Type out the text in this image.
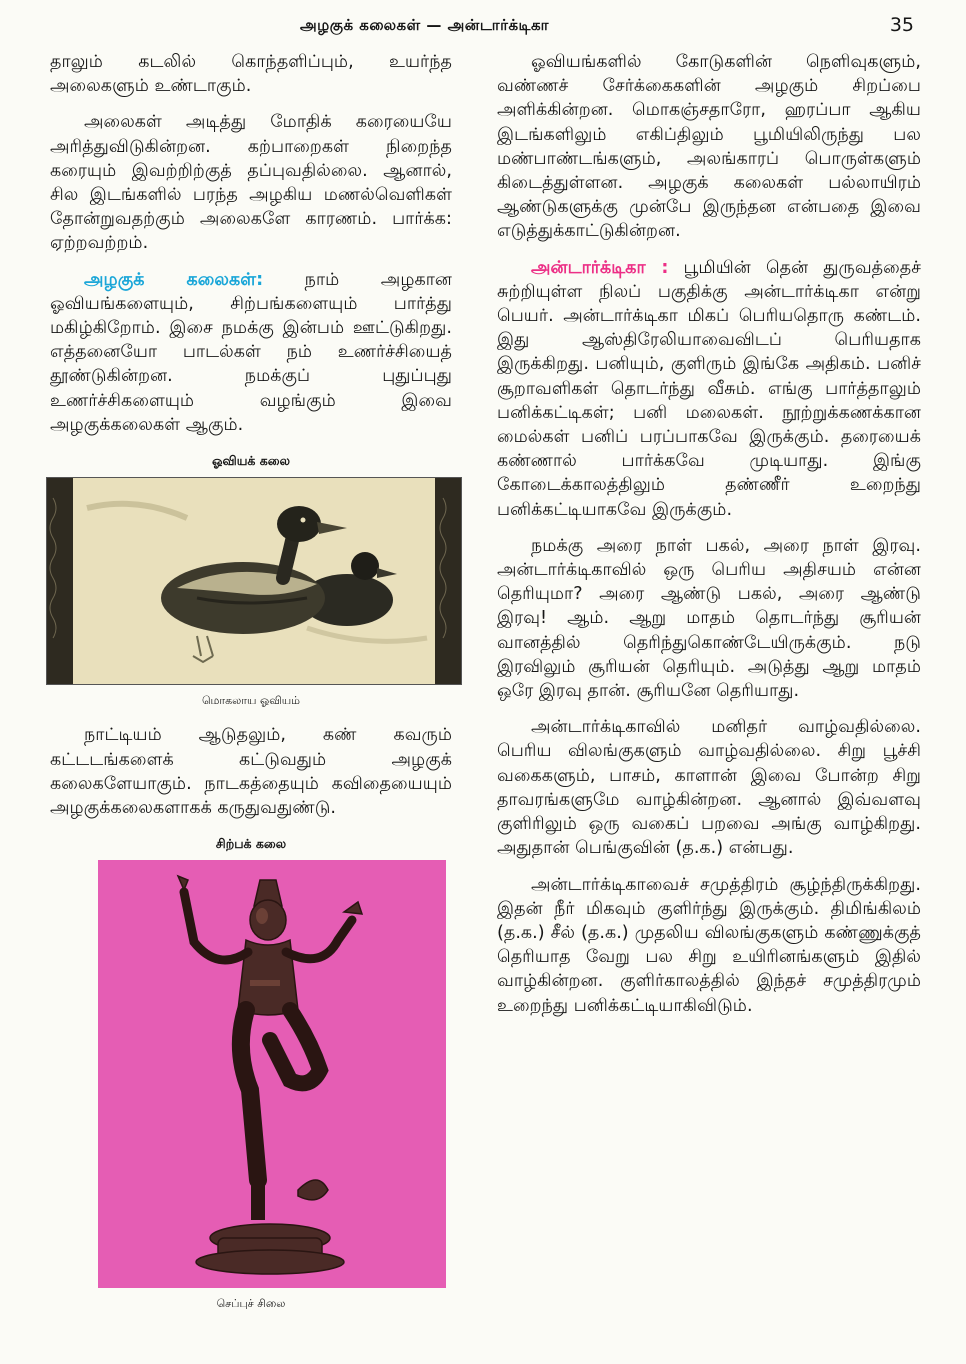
அழகுக் கலைகள் — அன்டார்க்டிகா	35

தாலும் கடலில் கொந்தளிப்பும், உயர்ந்த அலைகளும் உண்டாகும்.

அலைகள் அடித்து மோதிக் கரையையே அரித்துவிடுகின்றன. கற்பாறைகள் நிறைந்த கரையும் இவற்றிற்குத் தப்புவதில்லை. ஆனால், சில இடங்களில் பரந்த அழகிய மணல்வெளிகள் தோன்றுவதற்கும் அலைகளே காரணம். பார்க்க: ஏற்றவற்றம்.

அழகுக் கலைகள்: நாம் அழகான ஓவியங்களையும், சிற்பங்களையும் பார்த்து மகிழ்கிறோம். இசை நமக்கு இன்பம் ஊட்டுகிறது. எத்தனையோ பாடல்கள் நம் உணர்ச்சியைத் தூண்டுகின்றன. நமக்குப் புதுப்புது உணர்ச்சிகளையும் வழங்கும் இவை அழகுக்கலைகள் ஆகும்.

ஓவியக் கலை
மொகலாய ஓவியம்

நாட்டியம் ஆடுதலும், கண் கவரும் கட்டடங்களைக் கட்டுவதும் அழகுக் கலைகளேயாகும். நாடகத்தையும் கவிதையையும் அழகுக்கலைகளாகக் கருதுவதுண்டு.

சிற்பக் கலை
செப்புச் சிலை

ஓவியங்களில் கோடுகளின் நெளிவுகளும், வண்ணச் சேர்க்கைகளின் அழகும் சிறப்பை அளிக்கின்றன. மொகஞ்சதாரோ, ஹரப்பா ஆகிய இடங்களிலும் எகிப்திலும் பூமியிலிருந்து பல மண்பாண்டங்களும், அலங்காரப் பொருள்களும் கிடைத்துள்ளன. அழகுக் கலைகள் பல்லாயிரம் ஆண்டுகளுக்கு முன்பே இருந்தன என்பதை இவை எடுத்துக்காட்டுகின்றன.

அன்டார்க்டிகா : பூமியின் தென் துருவத்தைச் சுற்றியுள்ள நிலப் பகுதிக்கு அன்டார்க்டிகா என்று பெயர். அன்டார்க்டிகா மிகப் பெரியதொரு கண்டம். இது ஆஸ்திரேலியாவைவிடப் பெரியதாக இருக்கிறது. பனியும், குளிரும் இங்கே அதிகம். பனிச் சூறாவளிகள் தொடர்ந்து வீசும். எங்கு பார்த்தாலும் பனிக்கட்டிகள்; பனி மலைகள். நூற்றுக்கணக்கான மைல்கள் பனிப் பரப்பாகவே இருக்கும். தரையைக் கண்ணால் பார்க்கவே முடியாது. இங்கு கோடைக்காலத்திலும் தண்ணீர் உறைந்து பனிக்கட்டியாகவே இருக்கும்.

நமக்கு அரை நாள் பகல், அரை நாள் இரவு. அன்டார்க்டிகாவில் ஒரு பெரிய அதிசயம் என்ன தெரியுமா? அரை ஆண்டு பகல், அரை ஆண்டு இரவு! ஆம். ஆறு மாதம் தொடர்ந்து சூரியன் வானத்தில் தெரிந்துகொண்டேயிருக்கும். நடு இரவிலும் சூரியன் தெரியும். அடுத்து ஆறு மாதம் ஒரே இரவு தான். சூரியனே தெரியாது.

அன்டார்க்டிகாவில் மனிதர் வாழ்வதில்லை. பெரிய விலங்குகளும் வாழ்வதில்லை. சிறு பூச்சி வகைகளும், பாசம், காளான் இவை போன்ற சிறு தாவரங்களுமே வாழ்கின்றன. ஆனால் இவ்வளவு குளிரிலும் ஒரு வகைப் பறவை அங்கு வாழ்கிறது. அதுதான் பெங்குவின் (த.க.) என்பது.

அன்டார்க்டிகாவைச் சமுத்திரம் சூழ்ந்திருக்கிறது. இதன் நீர் மிகவும் குளிர்ந்து இருக்கும். திமிங்கிலம் (த.க.) சீல் (த.க.) முதலிய விலங்குகளும் கண்ணுக்குத் தெரியாத வேறு பல சிறு உயிரினங்களும் இதில் வாழ்கின்றன. குளிர்காலத்தில் இந்தச் சமுத்திரமும் உறைந்து பனிக்கட்டியாகிவிடும்.
